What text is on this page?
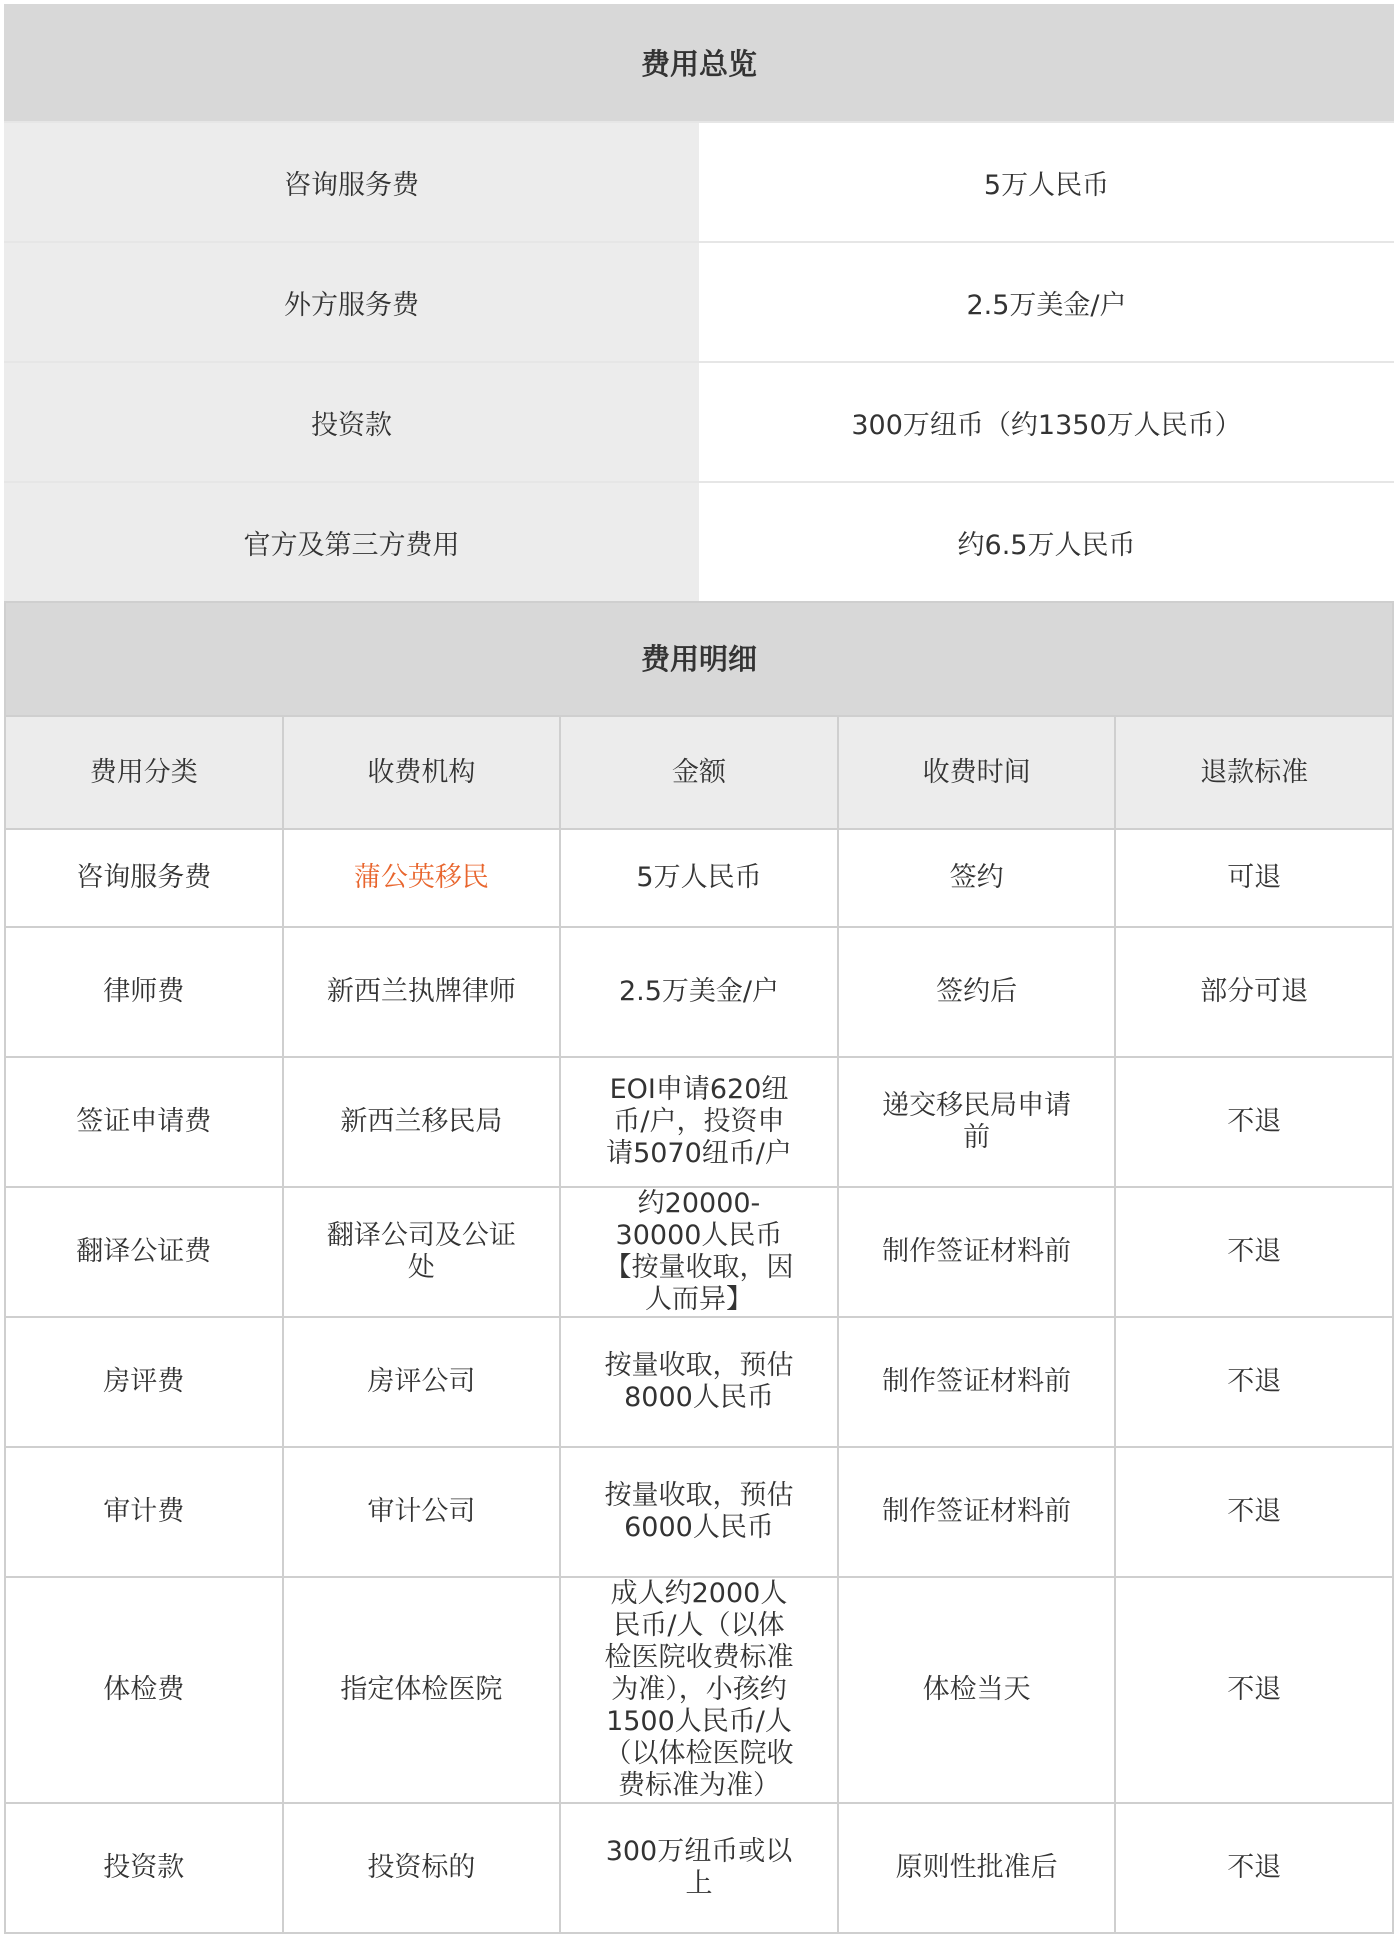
费用总览	
咨询服务费	5万人民币
外方服务费	2.5万美金/户
投资款	300万纽币（约1350万人民币）
官方及第三方费用	约6.5万人民币
费用明细				
费用分类	收费机构	金额	收费时间	退款标准
咨询服务费	蒲公英移民	5万人民币	签约	可退
律师费	新西兰执牌律师	2.5万美金/户	签约后	部分可退
签证申请费	新西兰移民局	EOI申请620纽币/户，投资申请5070纽币/户	递交移民局申请前	不退
翻译公证费	翻译公司及公证处	约20000-30000人民币【按量收取，因人而异】	制作签证材料前	不退
房评费	房评公司	按量收取，预估8000人民币	制作签证材料前	不退
审计费	审计公司	按量收取，预估6000人民币	制作签证材料前	不退
体检费	指定体检医院	成人约2000人民币/人（以体检医院收费标准为准），小孩约1500人民币/人（以体检医院收费标准为准）	体检当天	不退
投资款	投资标的	300万纽币或以上	原则性批准后	不退
